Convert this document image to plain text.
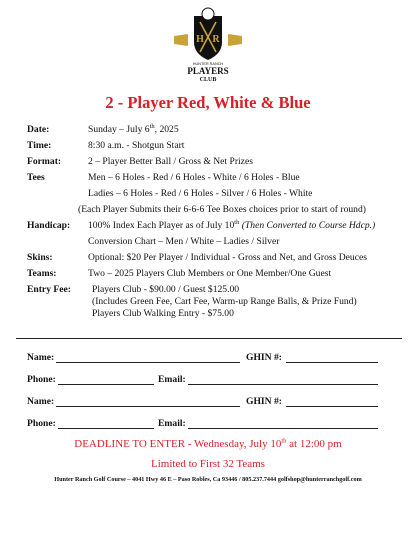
H R
HUNTER RANCH
PLAYERS
CLUB
2 - Player Red, White & Blue
Date:	Sunday – July 6th, 2025
Time:	8:30 a.m. - Shotgun Start
Format:	2 – Player Better Ball / Gross & Net Prizes
Tees	Men – 6 Holes - Red / 6 Holes - White / 6 Holes - Blue
Ladies – 6 Holes - Red / 6 Holes - Silver / 6 Holes - White
(Each Player Submits their 6-6-6 Tee Boxes choices prior to start of round)
Handicap: 100% Index Each Player as of July 10th (Then Converted to Course Hdcp.)
Conversion Chart – Men / White – Ladies / Silver
Skins:	Optional: $20 Per Player / Individual - Gross and Net, and Gross Deuces
Teams:	Two – 2025 Players Club Members or One Member/One Guest
Entry Fee: Players Club - $90.00 / Guest $125.00
(Includes Green Fee, Cart Fee, Warm-up Range Balls, & Prize Fund)
Players Club Walking Entry - $75.00
Name:	GHIN #:
Phone:	Email:
Name:	GHIN #:
Phone:	Email:
DEADLINE TO ENTER - Wednesday, July 10th at 12:00 pm
Limited to First 32 Teams
Hunter Ranch Golf Course – 4041 Hwy 46 E – Paso Robles, Ca 93446 / 805.237.7444 golfshop@hunterranchgolf.com
